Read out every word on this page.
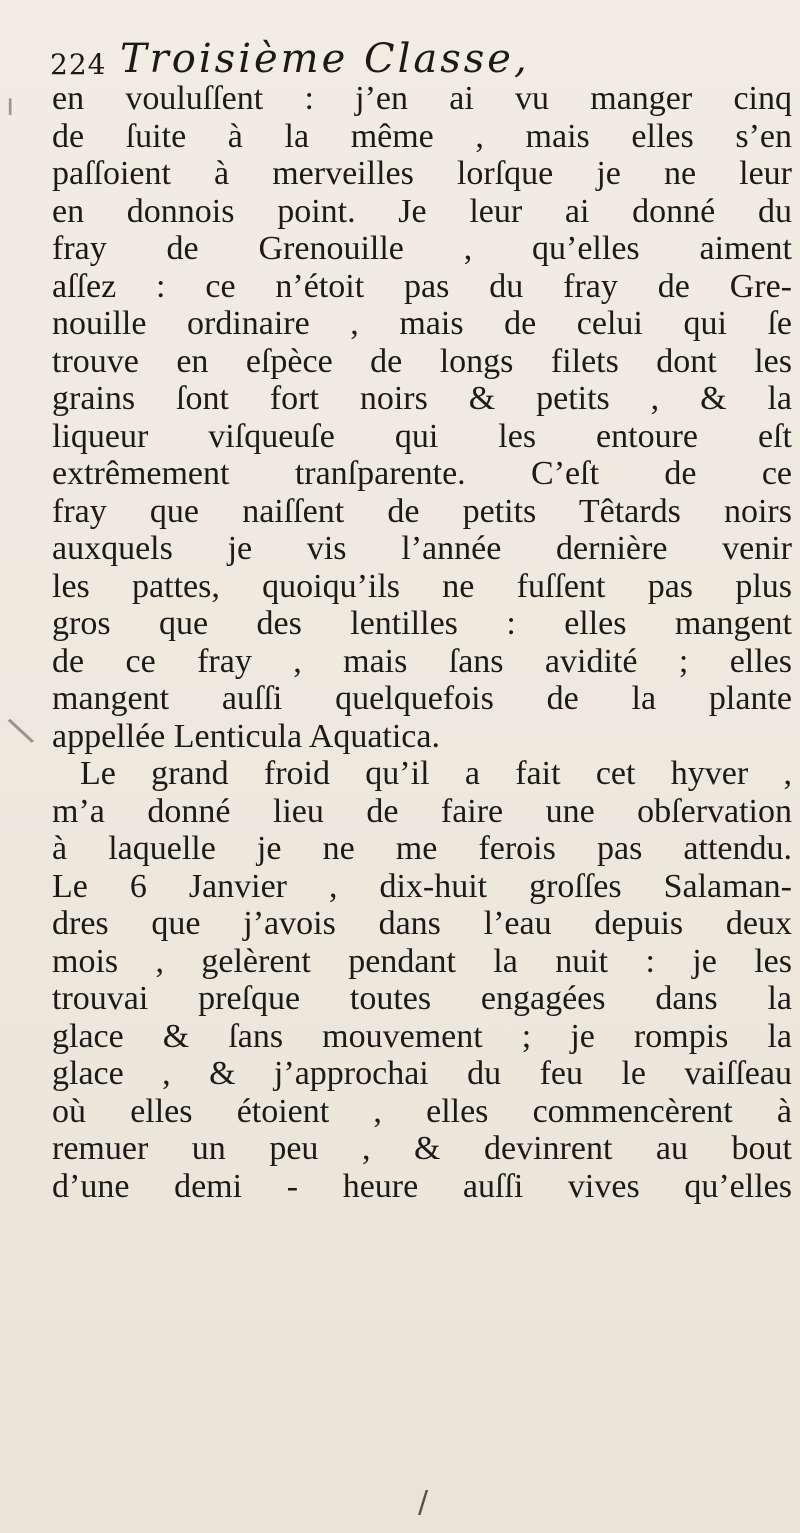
224 Troisième Classe,
en vouluſſent : j’en ai vu manger cinq
de ſuite à la même , mais elles s’en
paſſoient à merveilles lorſque je ne leur
en donnois point. Je leur ai donné du
fray de Grenouille , qu’elles aiment
aſſez : ce n’étoit pas du fray de Gre-
nouille ordinaire , mais de celui qui ſe
trouve en eſpèce de longs filets dont les
grains ſont fort noirs & petits , & la
liqueur viſqueuſe qui les entoure eſt
extrêmement tranſparente. C’eſt de ce
fray que naiſſent de petits Têtards noirs
auxquels je vis l’année dernière venir
les pattes, quoiqu’ils ne fuſſent pas plus
gros que des lentilles : elles mangent
de ce fray , mais ſans avidité ; elles
mangent auſſi quelquefois de la plante
appellée Lenticula Aquatica.
Le grand froid qu’il a fait cet hyver ,
m’a donné lieu de faire une obſervation
à laquelle je ne me ferois pas attendu.
Le 6 Janvier , dix-huit groſſes Salaman-
dres que j’avois dans l’eau depuis deux
mois , gelèrent pendant la nuit : je les
trouvai preſque toutes engagées dans la
glace & ſans mouvement ; je rompis la
glace , & j’approchai du feu le vaiſſeau
où elles étoient , elles commencèrent à
remuer un peu , & devinrent au bout
d’une demi - heure auſſi vives qu’elles
ı
\
/
